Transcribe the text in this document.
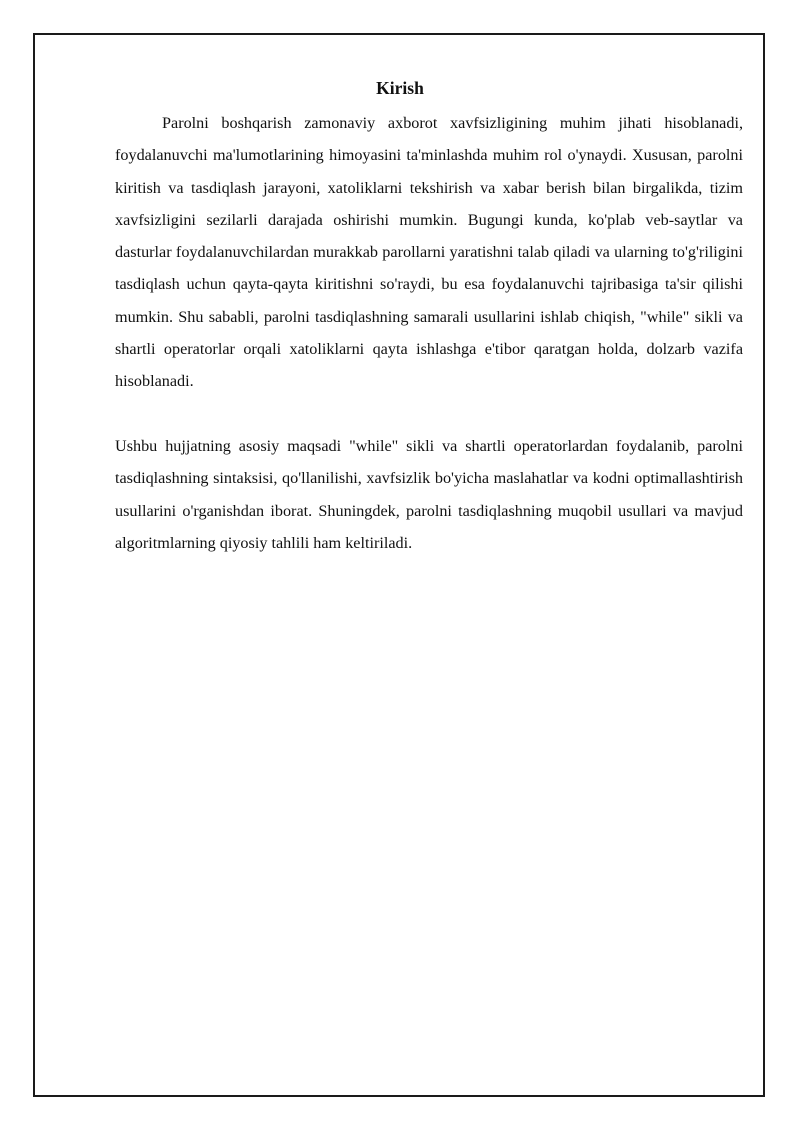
Kirish

Parolni boshqarish zamonaviy axborot xavfsizligining muhim jihati hisoblanadi, foydalanuvchi ma'lumotlarining himoyasini ta'minlashda muhim rol o'ynaydi. Xususan, parolni kiritish va tasdiqlash jarayoni, xatoliklarni tekshirish va xabar berish bilan birgalikda, tizim xavfsizligini sezilarli darajada oshirishi mumkin. Bugungi kunda, ko'plab veb-saytlar va dasturlar foydalanuvchilardan murakkab parollarni yaratishni talab qiladi va ularning to'g'riligini tasdiqlash uchun qayta-qayta kiritishni so'raydi, bu esa foydalanuvchi tajribasiga ta'sir qilishi mumkin. Shu sababli, parolni tasdiqlashning samarali usullarini ishlab chiqish, "while" sikli va shartli operatorlar orqali xatoliklarni qayta ishlashga e'tibor qaratgan holda, dolzarb vazifa hisoblanadi.

Ushbu hujjatning asosiy maqsadi "while" sikli va shartli operatorlardan foydalanib, parolni tasdiqlashning sintaksisi, qo'llanilishi, xavfsizlik bo'yicha maslahatlar va kodni optimallashtirish usullarini o'rganishdan iborat. Shuningdek, parolni tasdiqlashning muqobil usullari va mavjud algoritmlarning qiyosiy tahlili ham keltiriladi.
